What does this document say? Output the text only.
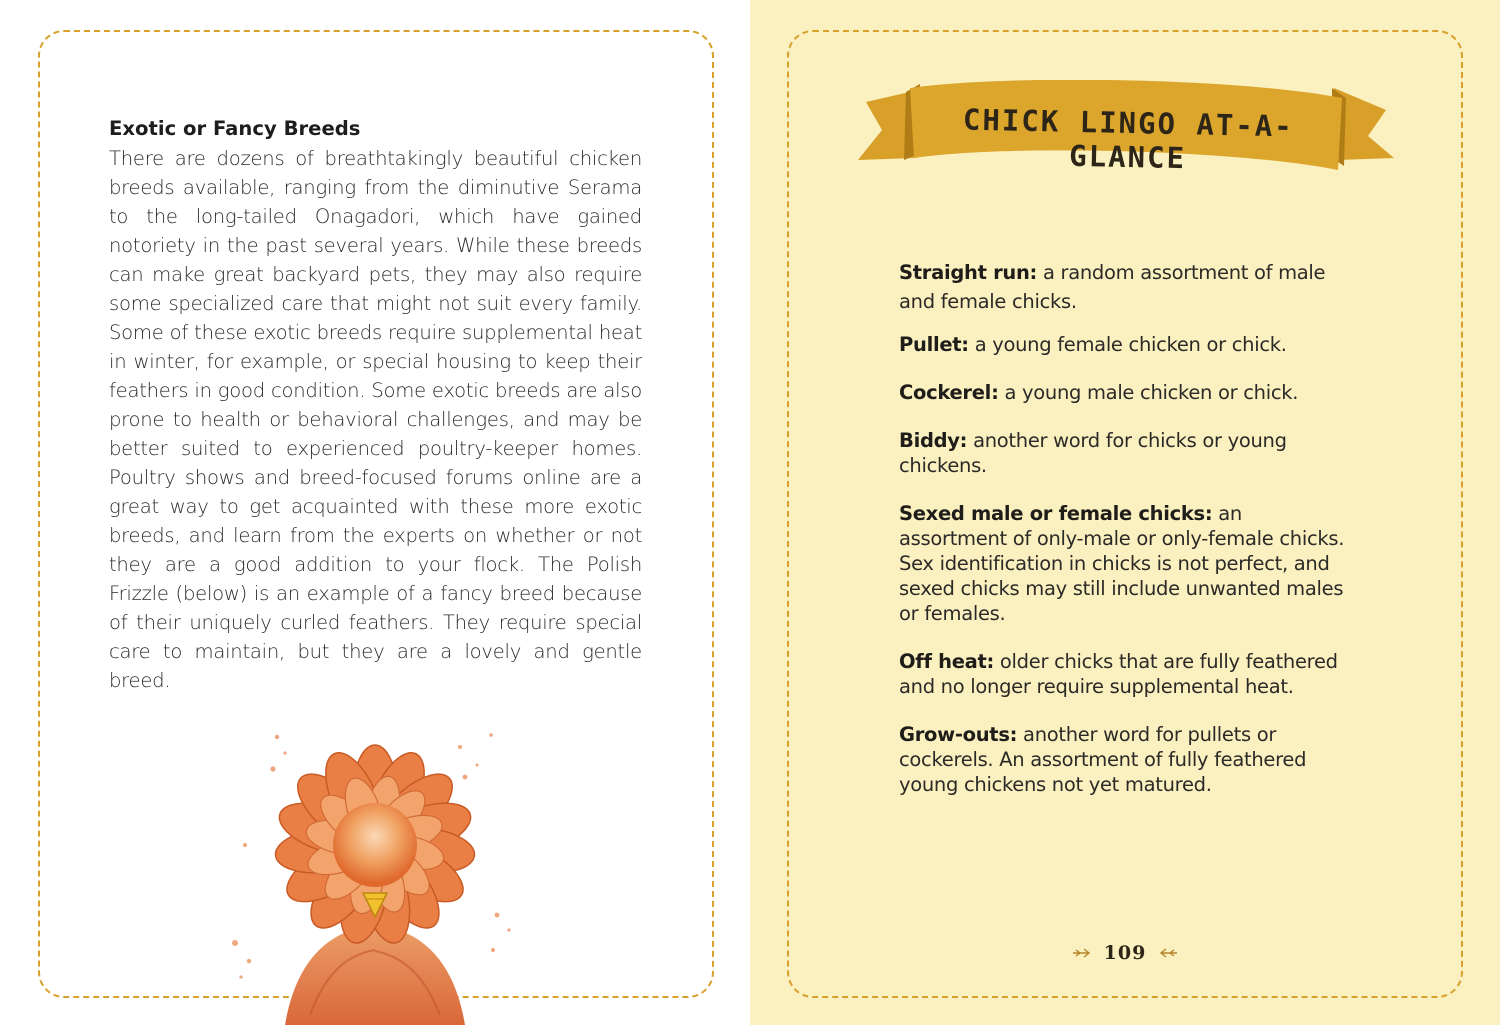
Exotic or Fancy Breeds
There are dozens of breathtakingly beautiful chicken breeds available, ranging from the diminutive Serama to the long-tailed Onagadori, which have gained notoriety in the past several years. While these breeds can make great backyard pets, they may also require some specialized care that might not suit every family. Some of these exotic breeds require supplemental heat in winter, for example, or special housing to keep their feathers in good condition. Some exotic breeds are also prone to health or behavioral challenges, and may be better suited to experienced poultry-keeper homes. Poultry shows and breed-focused forums online are a great way to get acquainted with these more exotic breeds, and learn from the experts on whether or not they are a good addition to your flock. The Polish Frizzle (below) is an example of a fancy breed because of their uniquely curled feathers. They require special care to maintain, but they are a lovely and gentle breed.
CHICK LINGO AT-A-GLANCE

Straight run: a random assortment of male and female chicks.

Pullet: a young female chicken or chick.

Cockerel: a young male chicken or chick.

Biddy: another word for chicks or young chickens.

Sexed male or female chicks: an assortment of only-male or only-female chicks. Sex identification in chicks is not perfect, and sexed chicks may still include unwanted males or females.

Off heat: older chicks that are fully feathered and no longer require supplemental heat.

Grow-outs: another word for pullets or cockerels. An assortment of fully feathered young chickens not yet matured.

109
